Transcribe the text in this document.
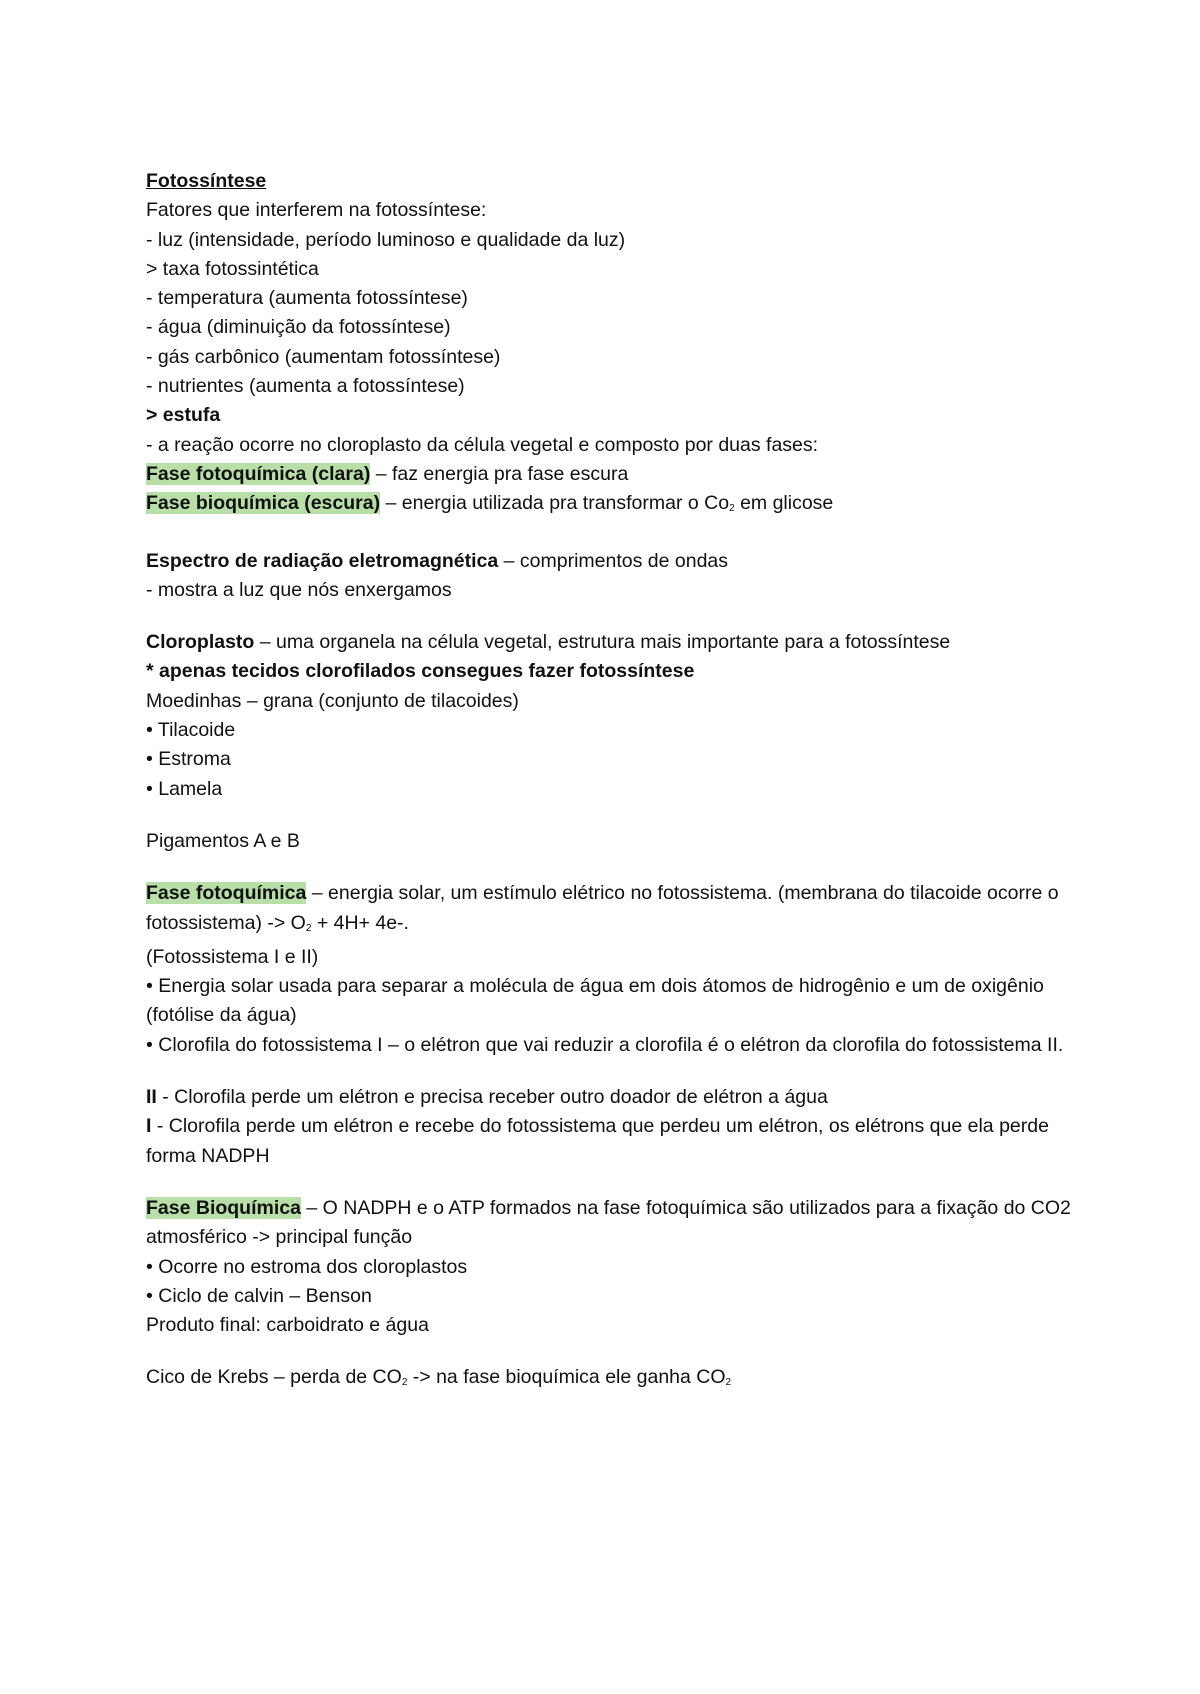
Fotossíntese
Fatores que interferem na fotossíntese:
- luz (intensidade, período luminoso e qualidade da luz)
> taxa fotossintética
- temperatura (aumenta fotossíntese)
- água (diminuição da fotossíntese)
- gás carbônico (aumentam fotossíntese)
- nutrientes (aumenta a fotossíntese)
> estufa
- a reação ocorre no cloroplasto da célula vegetal e composto por duas fases:
Fase fotoquímica (clara) – faz energia pra fase escura
Fase bioquímica (escura) – energia utilizada pra transformar o $Co_2$ em glicose
Espectro de radiação eletromagnética – comprimentos de ondas
- mostra a luz que nós enxergamos
Cloroplasto – uma organela na célula vegetal, estrutura mais importante para a fotossíntese
* apenas tecidos clorofilados consegues fazer fotossíntese
Moedinhas – grana (conjunto de tilacoides)
• Tilacoide
• Estroma
• Lamela
Pigamentos A e B
Fase fotoquímica – energia solar, um estímulo elétrico no fotossistema. (membrana do tilacoide ocorre o fotossistema) -> $O_2 + 4H+ 4e-$.
(Fotossistema I e II)
• Energia solar usada para separar a molécula de água em dois átomos de hidrogênio e um de oxigênio (fotólise da água)
• Clorofila do fotossistema I – o elétron que vai reduzir a clorofila é o elétron da clorofila do fotossistema II.
II - Clorofila perde um elétron e precisa receber outro doador de elétron a água
I - Clorofila perde um elétron e recebe do fotossistema que perdeu um elétron, os elétrons que ela perde forma NADPH
Fase Bioquímica – O NADPH e o ATP formados na fase fotoquímica são utilizados para a fixação do CO2 atmosférico -> principal função
• Ocorre no estroma dos cloroplastos
• Ciclo de calvin – Benson
Produto final: carboidrato e água
Cico de Krebs – perda de $CO_2$ -> na fase bioquímica ele ganha $CO_2$
